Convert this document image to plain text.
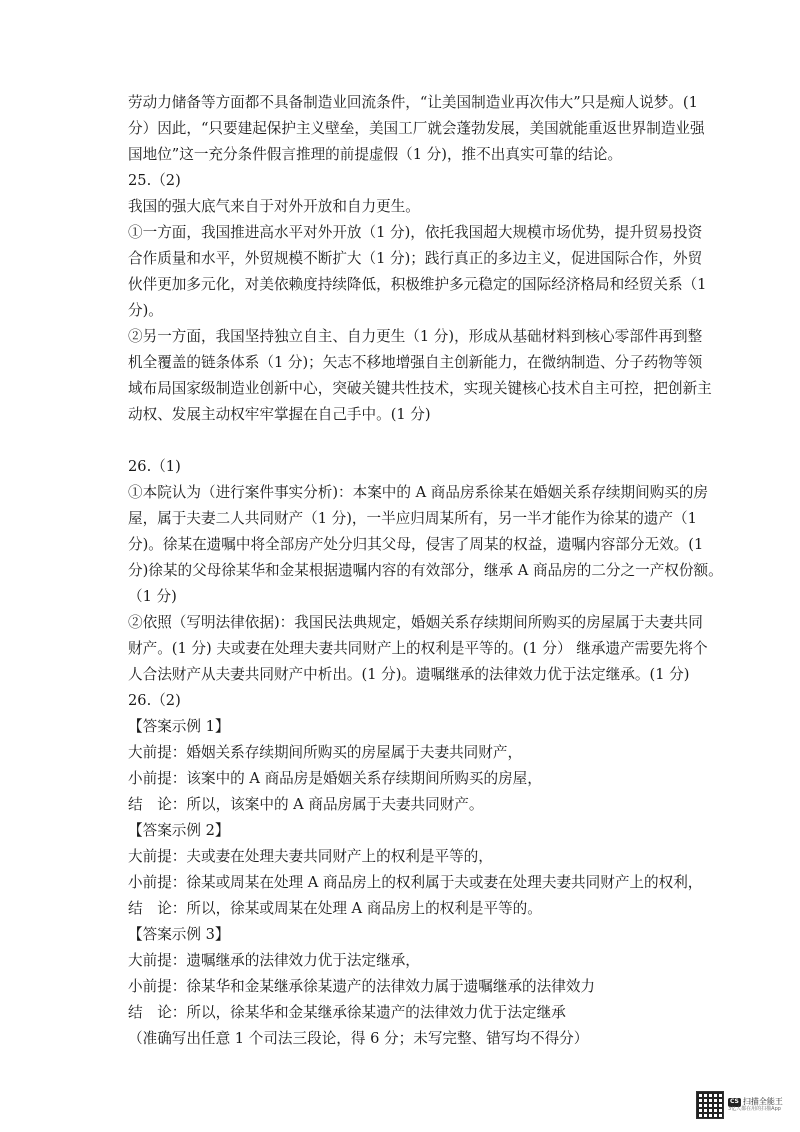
劳动力储备等方面都不具备制造业回流条件，“让美国制造业再次伟大”只是痴人说梦。(1
分）因此，“只要建起保护主义壁垒，美国工厂就会蓬勃发展，美国就能重返世界制造业强
国地位”这一充分条件假言推理的前提虚假（1 分)，推不出真实可靠的结论。
25.（2)
我国的强大底气来自于对外开放和自力更生。
①一方面，我国推进高水平对外开放（1 分)，依托我国超大规模市场优势，提升贸易投资
合作质量和水平，外贸规模不断扩大（1 分)；践行真正的多边主义，促进国际合作，外贸
伙伴更加多元化，对美依赖度持续降低，积极维护多元稳定的国际经济格局和经贸关系（1
分)。
②另一方面，我国坚持独立自主、自力更生（1 分)，形成从基础材料到核心零部件再到整
机全覆盖的链条体系（1 分)；矢志不移地增强自主创新能力，在微纳制造、分子药物等领
域布局国家级制造业创新中心，突破关键共性技术，实现关键核心技术自主可控，把创新主
动权、发展主动权牢牢掌握在自己手中。(1 分)
26.（1)
①本院认为（进行案件事实分析)：本案中的 A 商品房系徐某在婚姻关系存续期间购买的房
屋，属于夫妻二人共同财产（1 分)，一半应归周某所有，另一半才能作为徐某的遗产（1
分)。徐某在遗嘱中将全部房产处分归其父母，侵害了周某的权益，遗嘱内容部分无效。(1
分)徐某的父母徐某华和金某根据遗嘱内容的有效部分，继承 A 商品房的二分之一产权份额。
（1 分)
②依照（写明法律依据)：我国民法典规定，婚姻关系存续期间所购买的房屋属于夫妻共同
财产。(1 分) 夫或妻在处理夫妻共同财产上的权利是平等的。(1 分） 继承遗产需要先将个
人合法财产从夫妻共同财产中析出。(1 分)。遗嘱继承的法律效力优于法定继承。(1 分)
26.（2)
【答案示例 1】
大前提：婚姻关系存续期间所购买的房屋属于夫妻共同财产，
小前提：该案中的 A 商品房是婚姻关系存续期间所购买的房屋，
结　论：所以，该案中的 A 商品房属于夫妻共同财产。
【答案示例 2】
大前提：夫或妻在处理夫妻共同财产上的权利是平等的，
小前提：徐某或周某在处理 A 商品房上的权利属于夫或妻在处理夫妻共同财产上的权利，
结　论：所以，徐某或周某在处理 A 商品房上的权利是平等的。
【答案示例 3】
大前提：遗嘱继承的法律效力优于法定继承，
小前提：徐某华和金某继承徐某遗产的法律效力属于遗嘱继承的法律效力
结　论：所以，徐某华和金某继承徐某遗产的法律效力优于法定继承
（准确写出任意 1 个司法三段论，得 6 分；未写完整、错写均不得分）
CS 扫描全能王
3亿人都在用的扫描App
